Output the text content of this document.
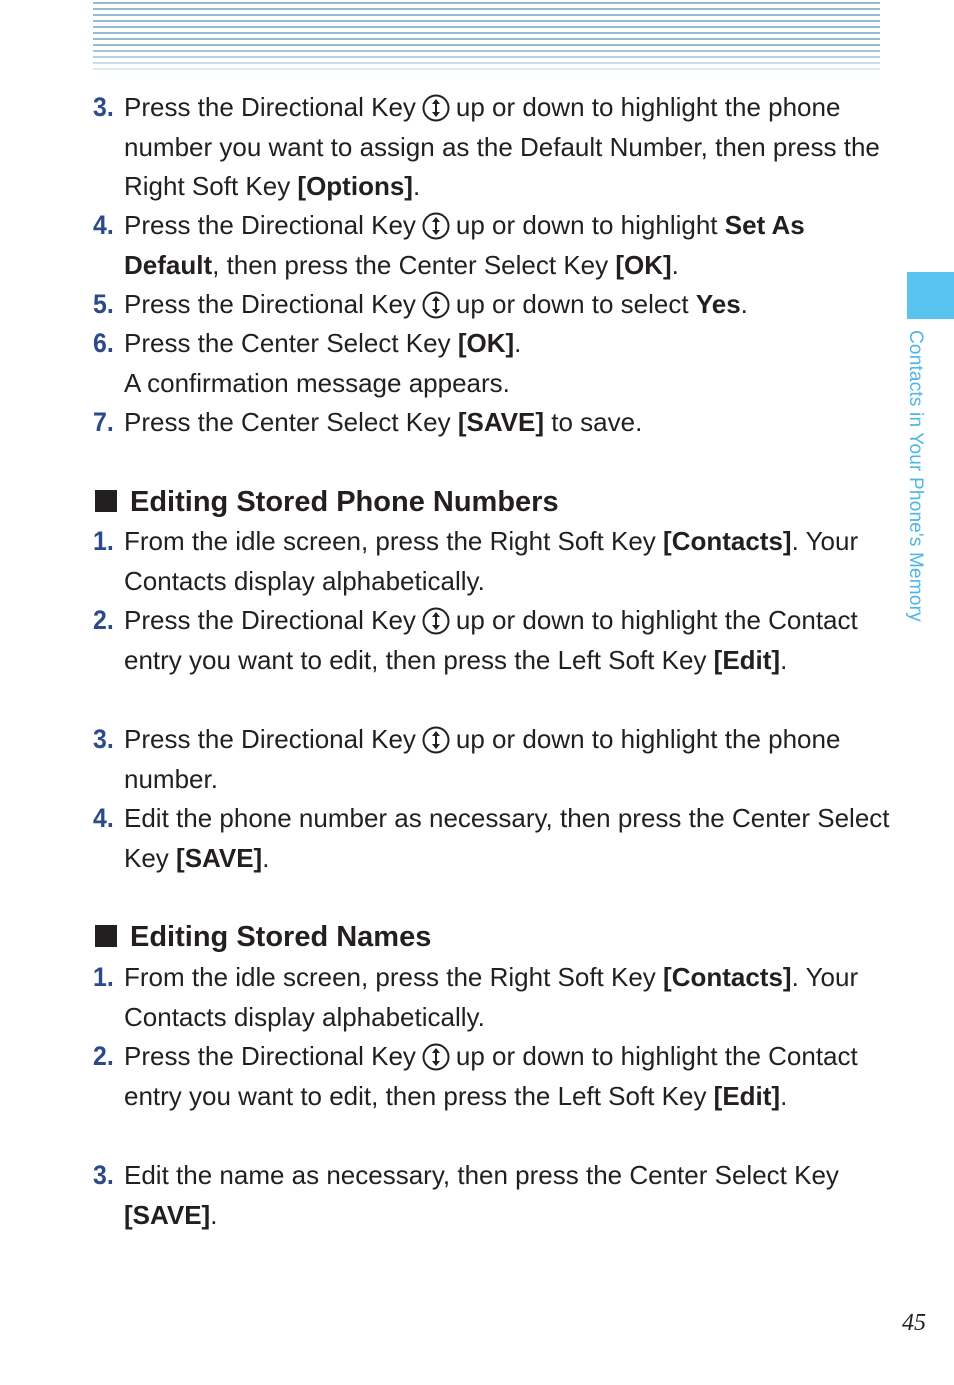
Contacts in Your Phone's Memory
3. Press the Directional Key up or down to highlight the phone number you want to assign as the Default Number, then press the Right Soft Key [Options].
4. Press the Directional Key up or down to highlight Set As Default, then press the Center Select Key [OK].
5. Press the Directional Key up or down to select Yes.
6. Press the Center Select Key [OK].
A confirmation message appears.
7. Press the Center Select Key [SAVE] to save.
Editing Stored Phone Numbers
1. From the idle screen, press the Right Soft Key [Contacts]. Your Contacts display alphabetically.
2. Press the Directional Key up or down to highlight the Contact entry you want to edit, then press the Left Soft Key [Edit].
3. Press the Directional Key up or down to highlight the phone number.
4. Edit the phone number as necessary, then press the Center Select Key [SAVE].
Editing Stored Names
1. From the idle screen, press the Right Soft Key [Contacts]. Your Contacts display alphabetically.
2. Press the Directional Key up or down to highlight the Contact entry you want to edit, then press the Left Soft Key [Edit].
3. Edit the name as necessary, then press the Center Select Key [SAVE].
45
